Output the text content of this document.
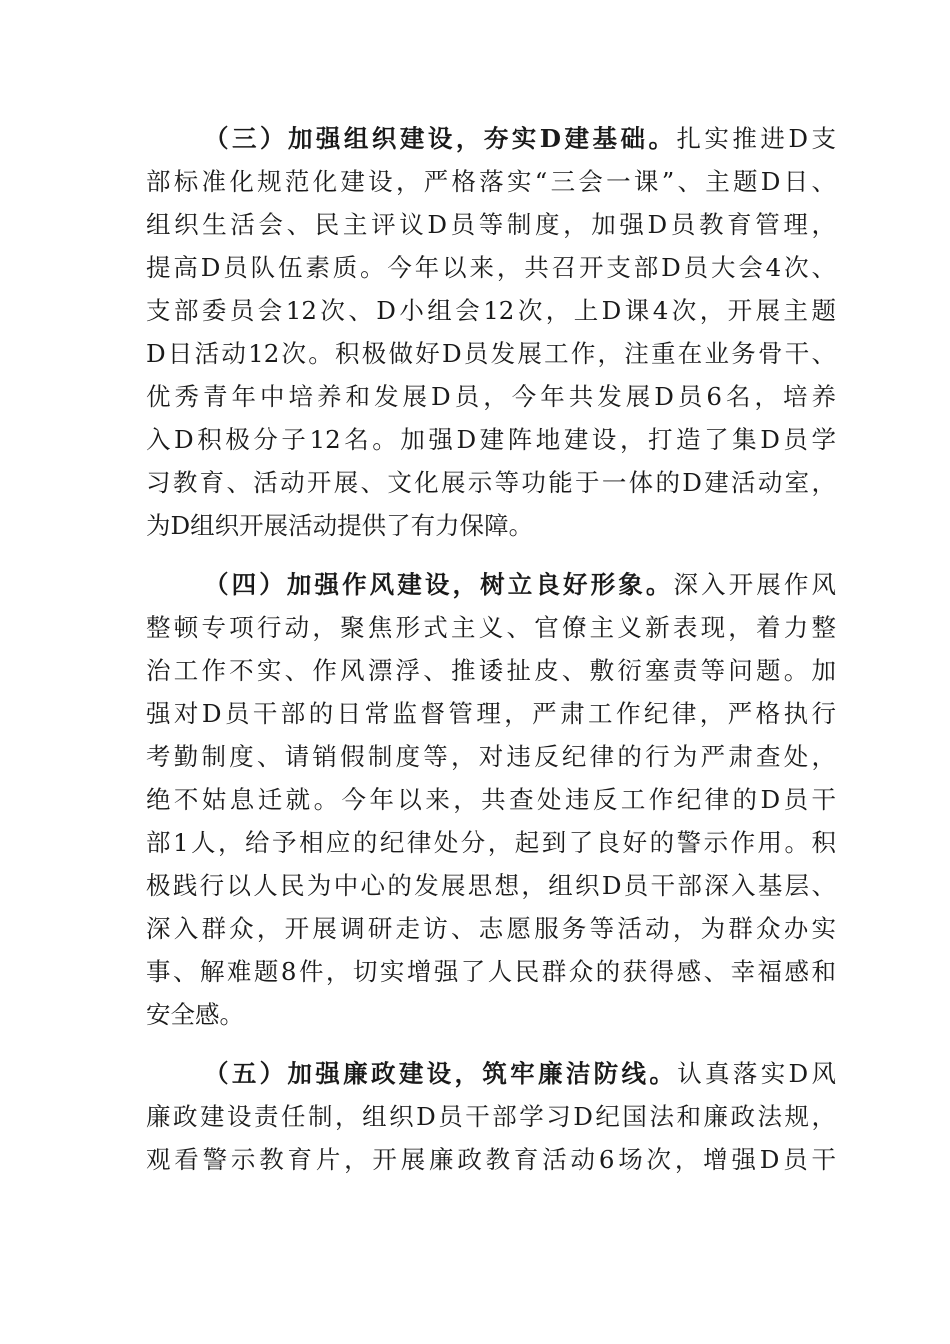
（三）加强组织建设，夯实D建基础。扎实推进D支
部标准化规范化建设，严格落实“三会一课”、主题D日、
组织生活会、民主评议D员等制度，加强D员教育管理，
提高D员队伍素质。今年以来，共召开支部D员大会4次、
支部委员会12次、D小组会12次，上D课4次，开展主题
D日活动12次。积极做好D员发展工作，注重在业务骨干、
优秀青年中培养和发展D员，今年共发展D员6名，培养
入D积极分子12名。加强D建阵地建设，打造了集D员学
习教育、活动开展、文化展示等功能于一体的D建活动室，
为D组织开展活动提供了有力保障。
（四）加强作风建设，树立良好形象。深入开展作风
整顿专项行动，聚焦形式主义、官僚主义新表现，着力整
治工作不实、作风漂浮、推诿扯皮、敷衍塞责等问题。加
强对D员干部的日常监督管理，严肃工作纪律，严格执行
考勤制度、请销假制度等，对违反纪律的行为严肃查处，
绝不姑息迁就。今年以来，共查处违反工作纪律的D员干
部1人，给予相应的纪律处分，起到了良好的警示作用。积
极践行以人民为中心的发展思想，组织D员干部深入基层、
深入群众，开展调研走访、志愿服务等活动，为群众办实
事、解难题8件，切实增强了人民群众的获得感、幸福感和
安全感。
（五）加强廉政建设，筑牢廉洁防线。认真落实D风
廉政建设责任制，组织D员干部学习D纪国法和廉政法规，
观看警示教育片，开展廉政教育活动6场次，增强D员干
